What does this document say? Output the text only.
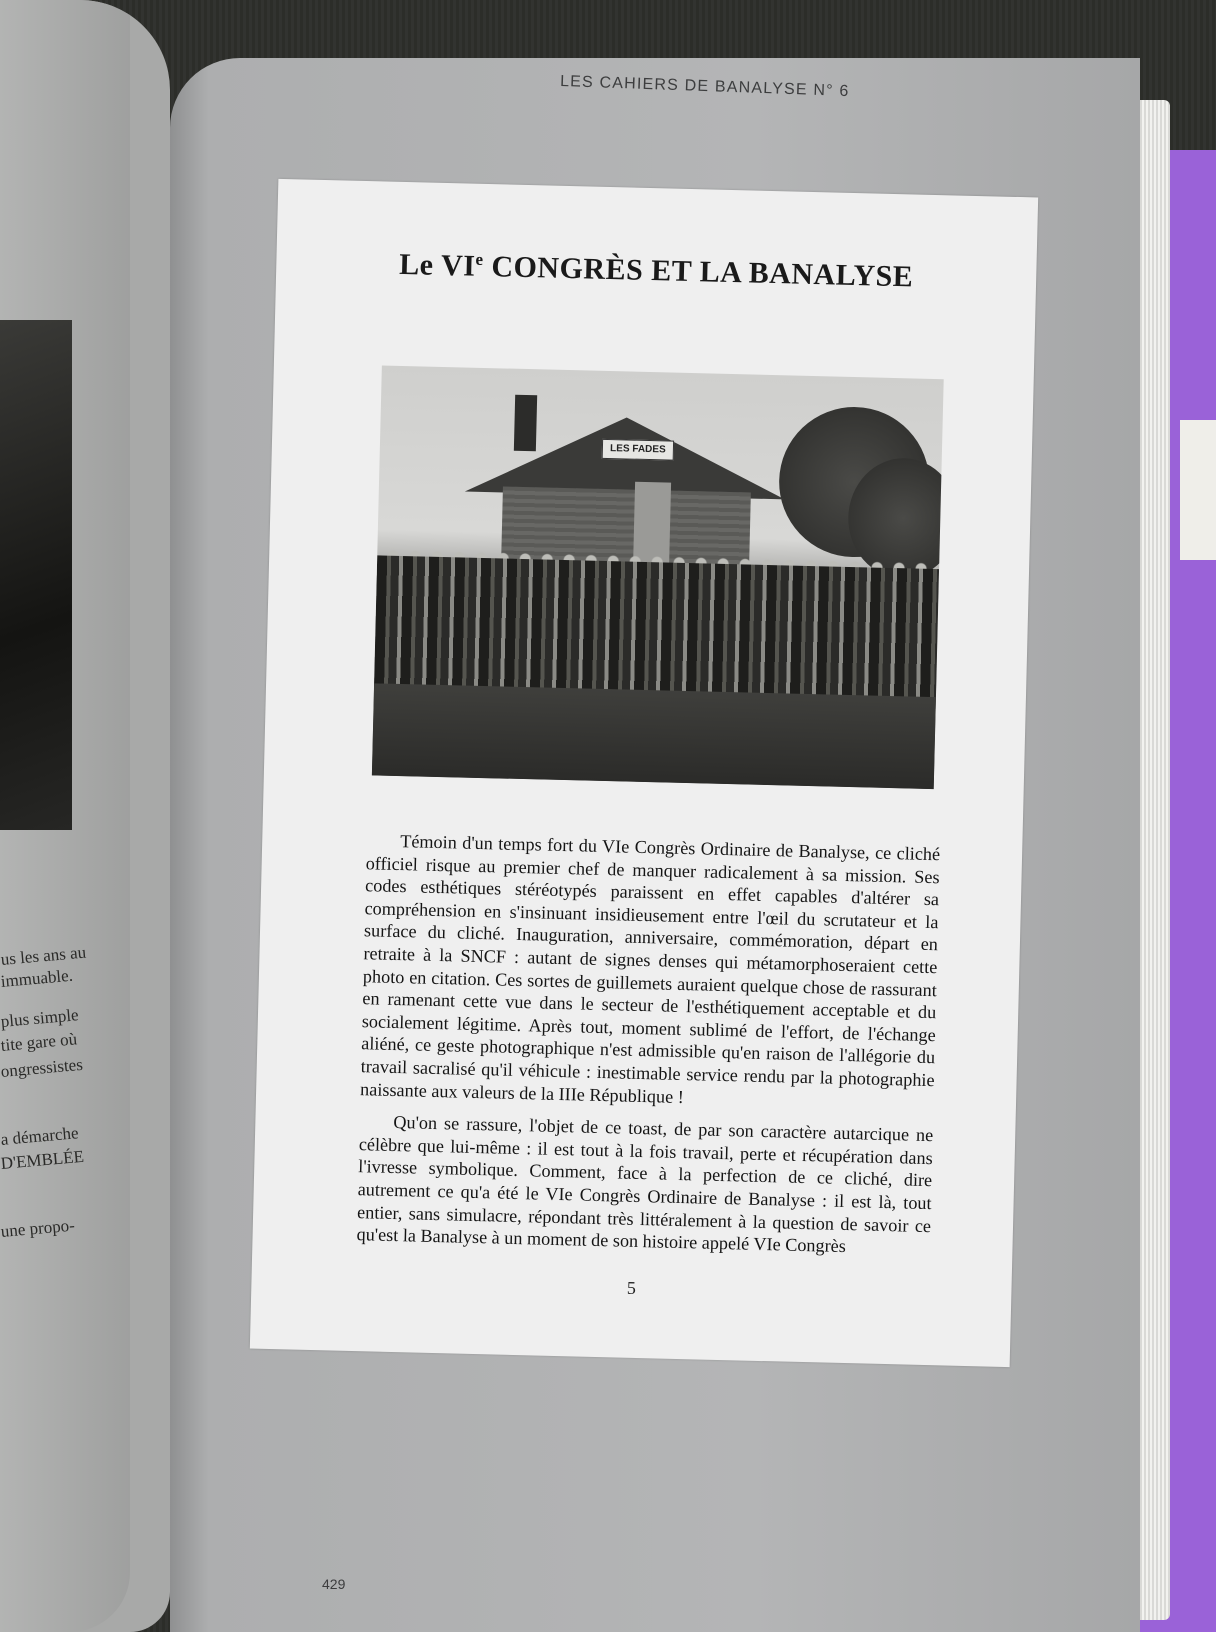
us les ans au
immuable.
plus simple
tite gare où
ongressistes
a démarche
D'EMBLÉE
une propo-
LES CAHIERS DE BANALYSE N° 6
429
Le VIe CONGRÈS ET LA BANALYSE
LES FADES

Témoin d'un temps fort du VIe Congrès Ordinaire de Banalyse, ce cliché officiel risque au premier chef de manquer radicalement à sa mission. Ses codes esthétiques stéréotypés paraissent en effet capables d'altérer sa compréhension en s'insinuant insidieusement entre l'œil du scrutateur et la surface du cliché. Inauguration, anniversaire, commémoration, départ en retraite à la SNCF : autant de signes denses qui métamorphoseraient cette photo en citation. Ces sortes de guillemets auraient quelque chose de rassurant en ramenant cette vue dans le secteur de l'esthétiquement acceptable et du socialement légitime. Après tout, moment sublimé de l'effort, de l'échange aliéné, ce geste photographique n'est admissible qu'en raison de l'allégorie du travail sacralisé qu'il véhicule : inestimable service rendu par la photographie naissante aux valeurs de la IIIe République !

Qu'on se rassure, l'objet de ce toast, de par son caractère autarcique ne célèbre que lui-même : il est tout à la fois travail, perte et récupération dans l'ivresse symbolique. Comment, face à la perfection de ce cliché, dire autrement ce qu'a été le VIe Congrès Ordinaire de Banalyse : il est là, tout entier, sans simulacre, répondant très littéralement à la question de savoir ce qu'est la Banalyse à un moment de son histoire appelé VIe Congrès

5
